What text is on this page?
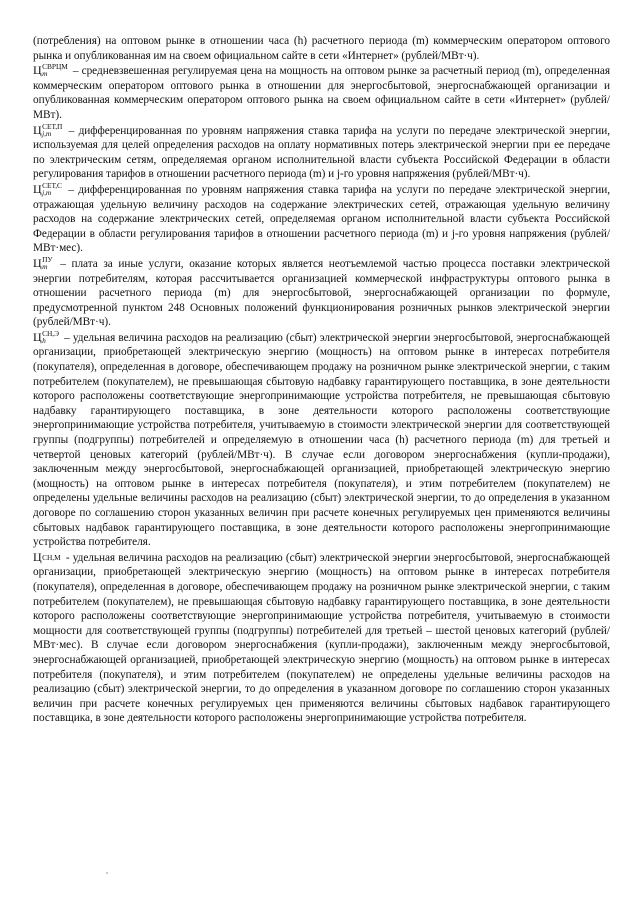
(потребления) на оптовом рынке в отношении часа (h) расчетного периода (m) коммерческим оператором оптового рынка и опубликованная им на своем официальном сайте в сети «Интернет» (рублей/МВт·ч).

Ц СВРЦМ
m	– средневзвешенная регулируемая цена на мощность на оптовом рынке за расчетный период (m), определенная коммерческим оператором оптового рынка в отношении для энергосбытовой, энергоснабжающей организации и опубликованная коммерческим оператором оптового рынка на своем официальном сайте в сети «Интернет» (рублей/МВт).

Ц СЕТ,П
j,m	– дифференцированная по уровням напряжения ставка тарифа на услуги по передаче электрической энергии, используемая для целей определения расходов на оплату нормативных потерь электрической энергии при ее передаче по электрическим сетям, определяемая органом исполнительной власти субъекта Российской Федерации в области регулирования тарифов в отношении расчетного периода (m) и j-го уровня напряжения (рублей/МВт·ч).

Ц СЕТ,С
j,m	– дифференцированная по уровням напряжения ставка тарифа на услуги по передаче электрической энергии, отражающая удельную величину расходов на содержание электрических сетей, отражающая удельную величину расходов на содержание электрических сетей, определяемая органом исполнительной власти субъекта Российской Федерации в области регулирования тарифов в отношении расчетного периода (m) и j-го уровня напряжения (рублей/МВт·мес).

Ц ПУ
m – плата за иные услуги, оказание которых является неотъемлемой частью процесса поставки электрической энергии потребителям, которая рассчитывается организацией коммерческой инфраструктуры оптового рынка в отношении расчетного периода (m) для энергосбытовой, энергоснабжающей организации по формуле, предусмотренной пунктом 248 Основных положений функционирования розничных рынков электрической энергии (рублей/МВт·ч).

Ц СН,Э
h	– удельная величина расходов на реализацию (сбыт) электрической энергии энергосбытовой, энергоснабжающей организации, приобретающей электрическую энергию (мощность) на оптовом рынке в интересах потребителя (покупателя), определенная в договоре, обеспечивающем продажу на розничном рынке электрической энергии, с таким потребителем (покупателем), не превышающая сбытовую надбавку гарантирующего поставщика, в зоне деятельности которого расположены соответствующие энергопринимающие устройства потребителя, не превышающая сбытовую надбавку гарантирующего поставщика, в зоне деятельности которого расположены соответствующие энергопринимающие устройства потребителя, учитываемую в стоимости электрической энергии для соответствующей группы (подгруппы) потребителей и определяемую в отношении часа (h) расчетного периода (m) для третьей и четвертой ценовых категорий (рублей/МВт·ч). В случае если договором энергоснабжения (купли-продажи), заключенным между энергосбытовой, энергоснабжающей организацией, приобретающей электрическую энергию (мощность) на оптовом рынке в интересах потребителя (покупателя), и этим потребителем (покупателем) не определены удельные величины расходов на реализацию (сбыт) электрической энергии, то до определения в указанном договоре по соглашению сторон указанных величин при расчете конечных регулируемых цен применяются величины сбытовых надбавок гарантирующего поставщика, в зоне деятельности которого расположены энергопринимающие устройства потребителя.

Ц СН,М - удельная величина расходов на реализацию (сбыт) электрической энергии энергосбытовой, энергоснабжающей организации, приобретающей электрическую энергию (мощность) на оптовом рынке в интересах потребителя (покупателя), определенная в договоре, обеспечивающем продажу на розничном рынке электрической энергии, с таким потребителем (покупателем), не превышающая сбытовую надбавку гарантирующего поставщика, в зоне деятельности которого расположены соответствующие энергопринимающие устройства потребителя, учитываемую в стоимости мощности для соответствующей группы (подгруппы) потребителей для третьей – шестой ценовых категорий (рублей/МВт·мес). В случае если договором энергоснабжения (купли-продажи), заключенным между энергосбытовой, энергоснабжающей организацией, приобретающей электрическую энергию (мощность) на оптовом рынке в интересах потребителя (покупателя), и этим потребителем (покупателем) не определены удельные величины расходов на реализацию (сбыт) электрической энергии, то до определения в указанном договоре по соглашению сторон указанных величин при расчете конечных регулируемых цен применяются величины сбытовых надбавок гарантирующего поставщика, в зоне деятельности которого расположены энергопринимающие устройства потребителя.
